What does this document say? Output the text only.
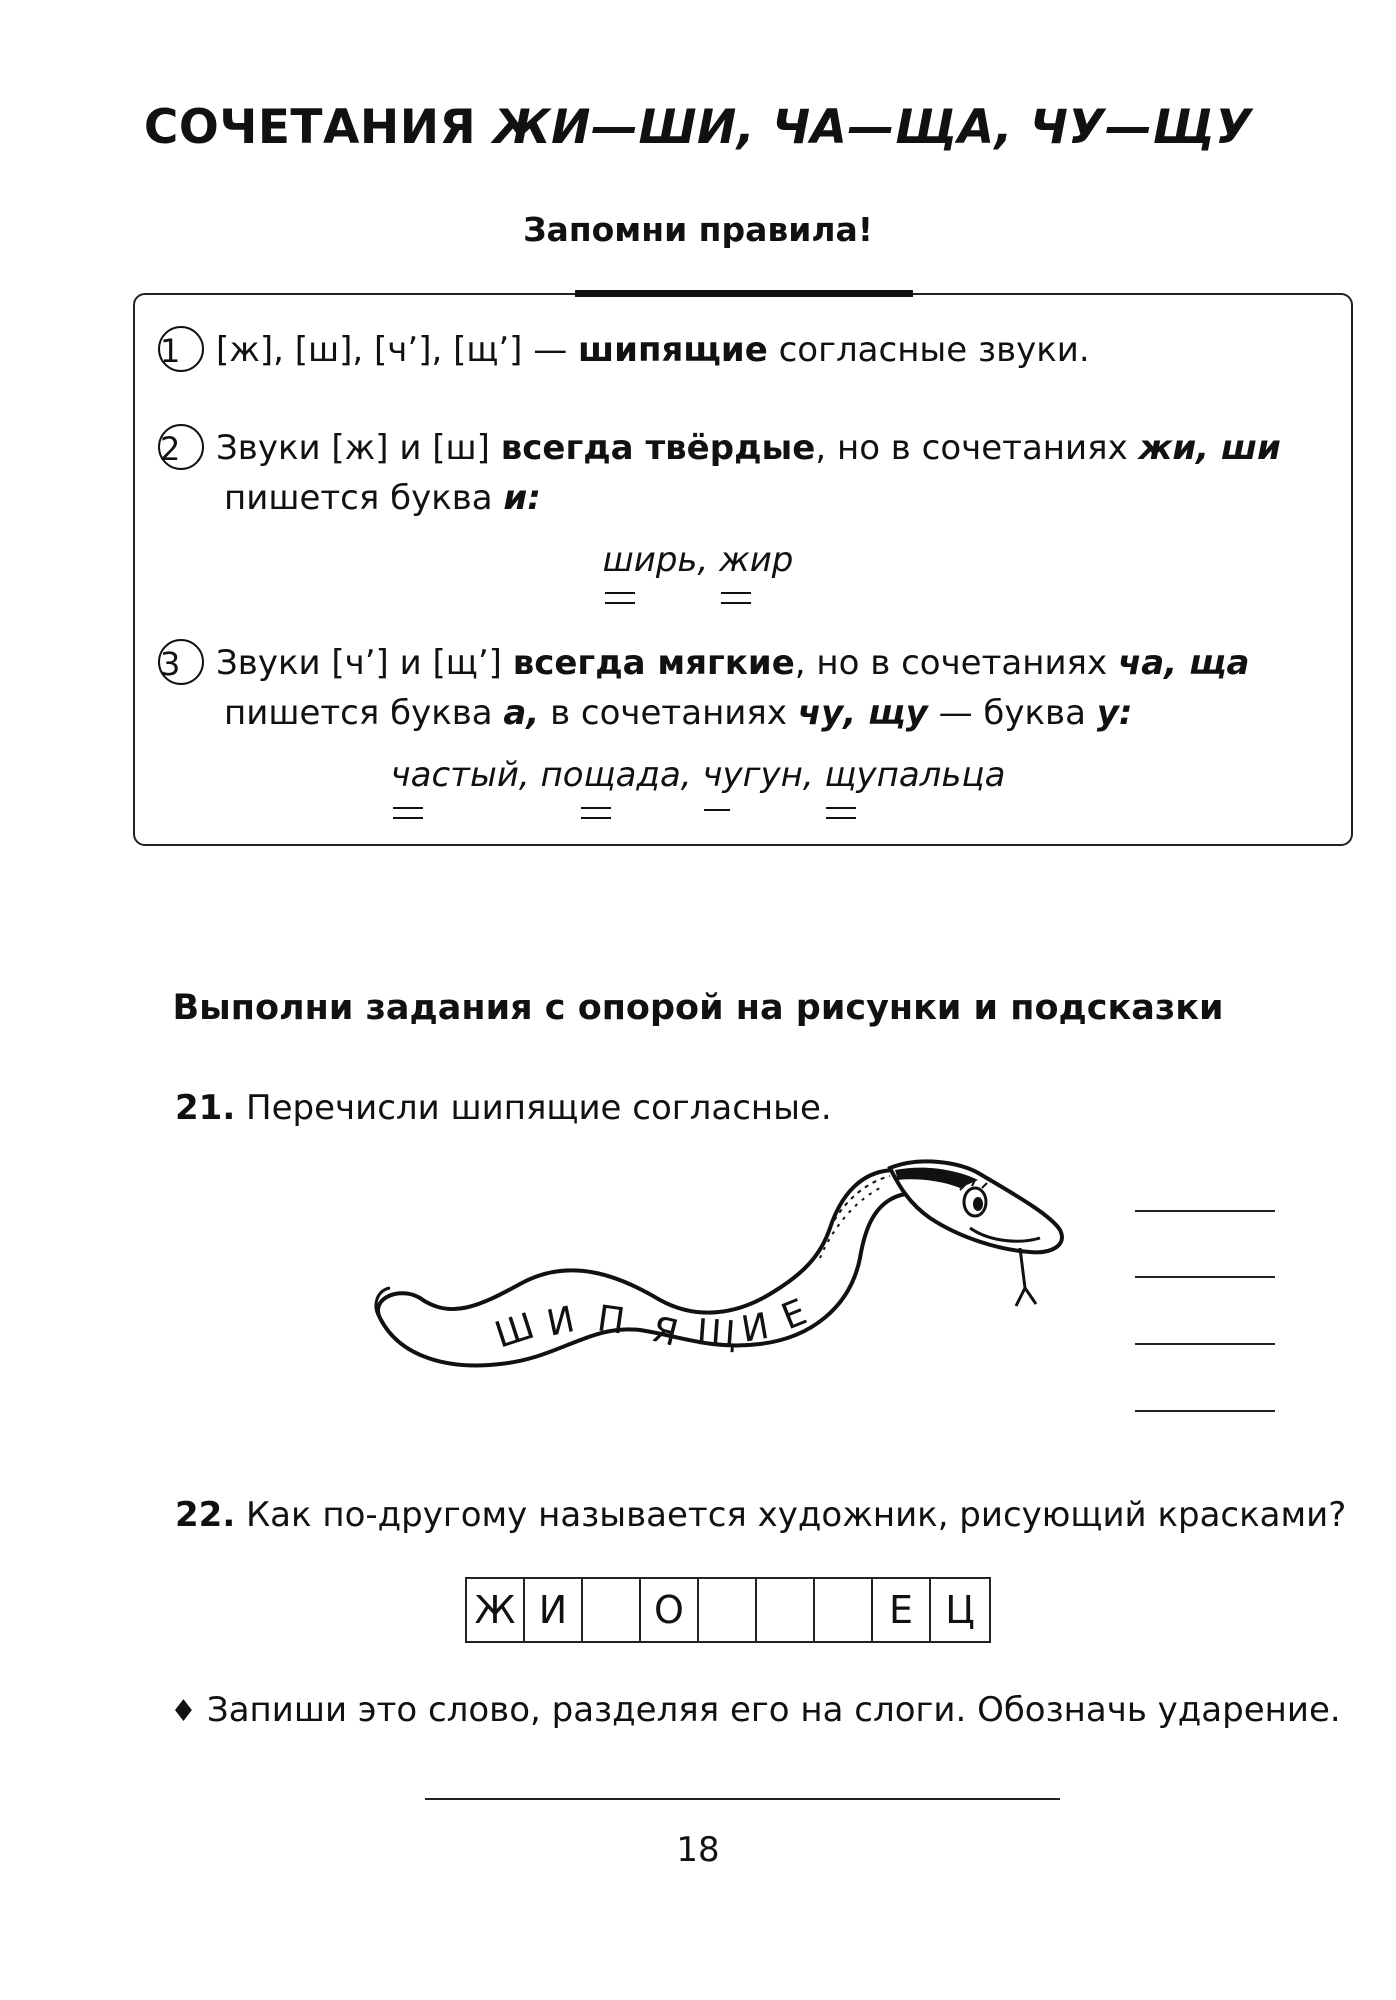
СОЧЕТАНИЯ ЖИ—ШИ, ЧА—ЩА, ЧУ—ЩУ
Запомни правила!
1 [ж], [ш], [ч’], [щ’] — шипящие согласные звуки.
2 Звуки [ж] и [ш] всегда твёрдые, но в сочетаниях жи, ши
пишется буква и:
ширь, жир
3 Звуки [ч’] и [щ’] всегда мягкие, но в сочетаниях ча, ща
пишется буква а, в сочетаниях чу, щу — буква у:
частый, пощада, чугун, щупальца
Выполни задания с опорой на рисунки и подсказки
21. Перечисли шипящие согласные.
Ш И П Я Щ И Е
22. Как по-другому называется художник, рисующий красками?
Ж И	О	Е Ц
♦ Запиши это слово, разделяя его на слоги. Обозначь ударение.
18
